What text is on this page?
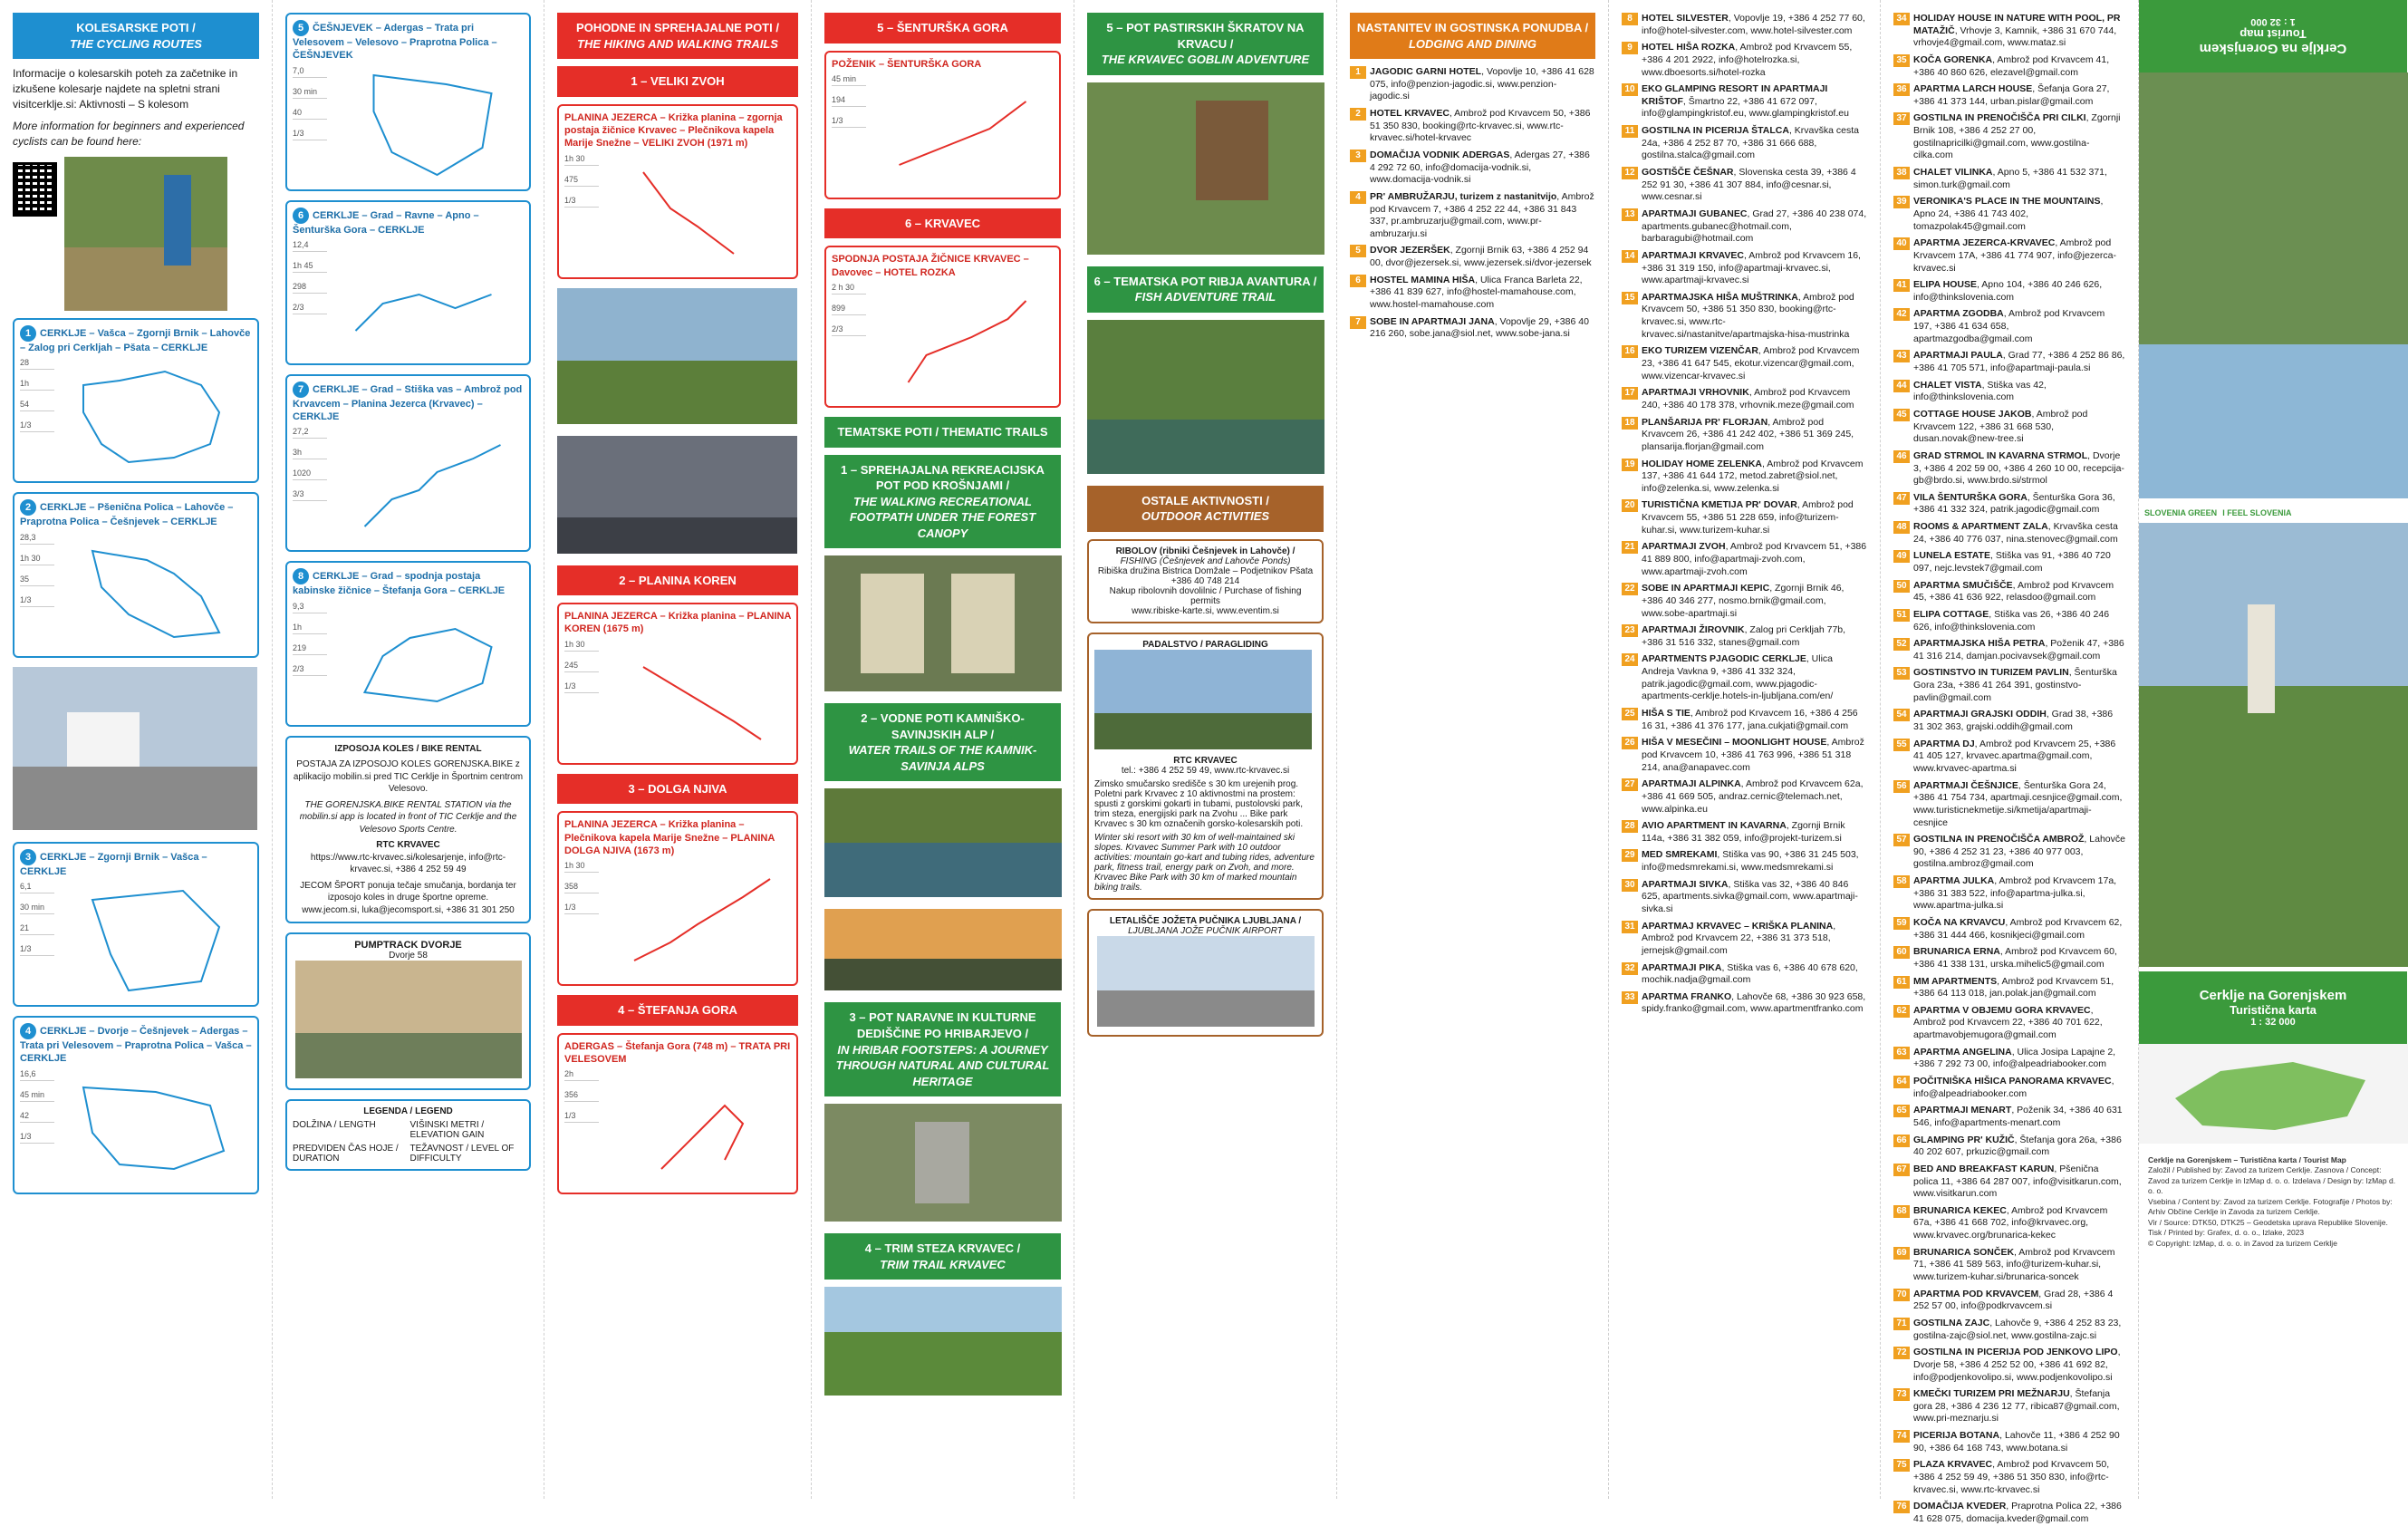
KOLESARSKE POTI /
THE CYCLING ROUTES
Informacije o kolesarskih poteh za začetnike in izkušene kolesarje najdete na spletni strani visitcerklje.si: Aktivnosti – S kolesom
More information for beginners and experienced cyclists can be found here:
1 CERKLJE – Vašca – Zgornji Brnik – Lahovče – Zalog pri Cerkljah – Pšata – CERKLJE
28
1h
54
1/3
2 CERKLJE – Pšenična Polica – Lahovče – Praprotna Polica – Češnjevek – CERKLJE
28,3
1h 30
35
1/3
3 CERKLJE – Zgornji Brnik – Vašca – CERKLJE
6,1
30 min
21
1/3
4 CERKLJE – Dvorje – Češnjevek – Adergas – Trata pri Velesovem – Praprotna Polica – Vašca – CERKLJE
16,6
45 min
42
1/3
5 ČEŠNJEVEK – Adergas – Trata pri Velesovem – Velesovo – Praprotna Polica – ČEŠNJEVEK
7,0
30 min
40
1/3
6 CERKLJE – Grad – Ravne – Apno – Šenturška Gora – CERKLJE
12,4
1h 45
298
2/3
7 CERKLJE – Grad – Stiška vas – Ambrož pod Krvavcem – Planina Jezerca (Krvavec) – CERKLJE
27,2
3h
1020
3/3
8 CERKLJE – Grad – spodnja postaja kabinske žičnice – Štefanja Gora – CERKLJE
9,3
1h
219
2/3
IZPOSOJA KOLES / BIKE RENTAL
POSTAJA ZA IZPOSOJO KOLES GORENJSKA.BIKE z aplikacijo mobilin.si pred TIC Cerklje in Športnim centrom Velesovo.
THE GORENJSKA.BIKE RENTAL STATION via the mobilin.si app is located in front of TIC Cerklje and the Velesovo Sports Centre.
RTC KRVAVEC
https://www.rtc-krvavec.si/kolesarjenje, info@rtc-krvavec.si, +386 4 252 59 49
JECOM ŠPORT ponuja tečaje smučanja, bordanja ter izposojo koles in druge športne opreme.
www.jecom.si, luka@jecomsport.si, +386 31 301 250
PUMPTRACK DVORJE
Dvorje 58
LEGENDA / LEGEND
DOLŽINA / LENGTH	VIŠINSKI METRI / ELEVATION GAIN
PREDVIDEN ČAS HOJE / DURATION
TEŽAVNOST / LEVEL OF DIFFICULTY
POHODNE IN SPREHAJALNE POTI /
THE HIKING AND WALKING TRAILS
1 – VELIKI ZVOH
PLANINA JEZERCA – Križka planina – zgornja postaja žičnice Krvavec – Plečnikova kapela Marije Snežne – VELIKI ZVOH (1971 m)
1h 30
475
1/3

2 – PLANINA KOREN
PLANINA JEZERCA – Križka planina – PLANINA KOREN (1675 m)
1h 30
245
1/3
3 – DOLGA NJIVA
PLANINA JEZERCA – Križka planina – Plečnikova kapela Marije Snežne – PLANINA DOLGA NJIVA (1673 m)
1h 30
358
1/3
4 – ŠTEFANJA GORA
ADERGAS – Štefanja Gora (748 m) – TRATA PRI VELESOVEM
2h
356
1/3
5 – ŠENTURŠKA GORA
POŽENIK – ŠENTURŠKA GORA
45 min
194
1/3
6 – KRVAVEC
SPODNJA POSTAJA ŽIČNICE KRVAVEC – Davovec – HOTEL ROZKA
2 h 30
899
2/3
TEMATSKE POTI / THEMATIC TRAILS
1 – SPREHAJALNA REKREACIJSKA POT POD KROŠNJAMI /
THE WALKING RECREATIONAL FOOTPATH UNDER THE FOREST CANOPY
2 – VODNE POTI KAMNIŠKO-SAVINJSKIH ALP /
WATER TRAILS OF THE KAMNIK-SAVINJA ALPS

3 – POT NARAVNE IN KULTURNE DEDIŠČINE PO HRIBARJEVO /
IN HRIBAR FOOTSTEPS: A JOURNEY THROUGH NATURAL AND CULTURAL HERITAGE
4 – TRIM STEZA KRVAVEC /
TRIM TRAIL KRVAVEC
5 – POT PASTIRSKIH ŠKRATOV NA KRVACU /
THE KRVAVEC GOBLIN ADVENTURE
6 – TEMATSKA POT RIBJA AVANTURA /
FISH ADVENTURE TRAIL
OSTALE AKTIVNOSTI /
OUTDOOR ACTIVITIES
RIBOLOV (ribniki Češnjevek in Lahovče) /
FISHING (Češnjevek and Lahovče Ponds)
Ribiška družina Bistrica Domžale – Podjetnikov Pšata +386 40 748 214
Nakup ribolovnih dovolilnic / Purchase of fishing permits
www.ribiske-karte.si, www.eventim.si
PADALSTVO / PARAGLIDING
RTC KRVAVEC
tel.: +386 4 252 59 49, www.rtc-krvavec.si
Zimsko smučarsko središče s 30 km urejenih prog. Poletni park Krvavec z 10 aktivnostmi na prostem: spusti z gorskimi gokarti in tubami, pustolovski park, trim steza, energijski park na Zvohu ... Bike park Krvavec s 30 km označenih gorsko-kolesarskih poti.
Winter ski resort with 30 km of well-maintained ski slopes. Krvavec Summer Park with 10 outdoor activities: mountain go-kart and tubing rides, adventure park, fitness trail, energy park on Zvoh, and more. Krvavec Bike Park with 30 km of marked mountain biking trails.
LETALIŠČE JOŽETA PUČNIKA LJUBLJANA /
LJUBLJANA JOŽE PUČNIK AIRPORT
NASTANITEV IN GOSTINSKA PONUDBA /
LODGING AND DINING
1 JAGODIC GARNI HOTEL, Vopovlje 10, +386 41 628 075, info@penzion-jagodic.si, www.penzion-jagodic.si
2 HOTEL KRVAVEC, Ambrož pod Krvavcem 50, +386 51 350 830, booking@rtc-krvavec.si, www.rtc-krvavec.si/hotel-krvavec
3 DOMAČIJA VODNIK ADERGAS, Adergas 27, +386 4 292 72 60, info@domacija-vodnik.si, www.domacija-vodnik.si
4 PR' AMBRUŽARJU, turizem z nastanitvijo, Ambrož pod Krvavcem 7, +386 4 252 22 44, +386 31 843 337, pr.ambruzarju@gmail.com, www.pr-ambruzarju.si
5 DVOR JEZERŠEK, Zgornji Brnik 63, +386 4 252 94 00, dvor@jezersek.si, www.jezersek.si/dvor-jezersek
6 HOSTEL MAMINA HIŠA, Ulica Franca Barleta 22, +386 41 839 627, info@hostel-mamahouse.com, www.hostel-mamahouse.com
7 SOBE IN APARTMAJI JANA, Vopovlje 29, +386 40 216 260, sobe.jana@siol.net, www.sobe-jana.si
8 HOTEL SILVESTER, Vopovlje 19, +386 4 252 77 60, info@hotel-silvester.com, www.hotel-silvester.com
9 HOTEL HIŠA ROZKA, Ambrož pod Krvavcem 55, +386 4 201 2922, info@hotelrozka.si, www.dboesorts.si/hotel-rozka
10 EKO GLAMPING RESORT IN APARTMAJI KRIŠTOF, Šmartno 22, +386 41 672 097, info@glampingkristof.eu, www.glampingkristof.eu
11 GOSTILNA IN PICERIJA ŠTALCA, Krvavška cesta 24a, +386 4 252 87 70, +386 31 666 688, gostilna.stalca@gmail.com
12 GOSTIŠČE ČEŠNAR, Slovenska cesta 39, +386 4 252 91 30, +386 41 307 884, info@cesnar.si, www.cesnar.si
13 APARTMAJI GUBANEC, Grad 27, +386 40 238 074, apartments.gubanec@hotmail.com, barbaragubi@hotmail.com
14 APARTMAJI KRVAVEC, Ambrož pod Krvavcem 16, +386 31 319 150, info@apartmaji-krvavec.si, www.apartmaji-krvavec.si
15 APARTMAJSKA HIŠA MUŠTRINKA, Ambrož pod Krvavcem 50, +386 51 350 830, booking@rtc-krvavec.si, www.rtc-krvavec.si/nastanitve/apartmajska-hisa-mustrinka
16 EKO TURIZEM VIZENČAR, Ambrož pod Krvavcem 23, +386 41 647 545, ekotur.vizencar@gmail.com, www.vizencar-krvavec.si
17 APARTMAJI VRHOVNIK, Ambrož pod Krvavcem 240, +386 40 178 378, vrhovnik.meze@gmail.com
18 PLANŠARIJA PR' FLORJAN, Ambrož pod Krvavcem 26, +386 41 242 402, +386 51 369 245, plansarija.florjan@gmail.com
19 HOLIDAY HOME ZELENKA, Ambrož pod Krvavcem 137, +386 41 644 172, metod.zabret@siol.net, info@zelenka.si, www.zelenka.si
20 TURISTIČNA KMETIJA PR' DOVAR, Ambrož pod Krvavcem 55, +386 51 228 659, info@turizem-kuhar.si, www.turizem-kuhar.si
21 APARTMAJI ZVOH, Ambrož pod Krvavcem 51, +386 41 889 800, info@apartmaji-zvoh.com, www.apartmaji-zvoh.com
22 SOBE IN APARTMAJI KEPIC, Zgornji Brnik 46, +386 40 346 277, nosmo.brnik@gmail.com, www.sobe-apartmaji.si
23 APARTMAJI ŽIROVNIK, Zalog pri Cerkljah 77b, +386 31 516 332, stanes@gmail.com
24 APARTMENTS PJAGODIC CERKLJE, Ulica Andreja Vavkna 9, +386 41 332 324, patrik.jagodic@gmail.com, www.pjagodic-apartments-cerklje.hotels-in-ljubljana.com/en/
25 HIŠA S TIE, Ambrož pod Krvavcem 16, +386 4 256 16 31, +386 41 376 177, jana.cukjati@gmail.com
26 HIŠA V MESEČINI – MOONLIGHT HOUSE, Ambrož pod Krvavcem 10, +386 41 763 996, +386 51 318 214, ana@anapavec.com
27 APARTMAJI ALPINKA, Ambrož pod Krvavcem 62a, +386 41 669 505, andraz.cernic@telemach.net, www.alpinka.eu
28 AVIO APARTMENT IN KAVARNA, Zgornji Brnik 114a, +386 31 382 059, info@projekt-turizem.si
29 MED SMREKAMI, Stiška vas 90, +386 31 245 503, info@medsmrekami.si, www.medsmrekami.si
30 APARTMAJI SIVKA, Stiška vas 32, +386 40 846 625, apartments.sivka@gmail.com, www.apartmaji-sivka.si
31 APARTMAJ KRVAVEC – KRIŠKA PLANINA, Ambrož pod Krvavcem 22, +386 31 373 518, jernejsk@gmail.com
32 APARTMAJI PIKA, Stiška vas 6, +386 40 678 620, mochik.nadja@gmail.com
33 APARTMA FRANKO, Lahovče 68, +386 30 923 658, spidy.franko@gmail.com, www.apartmentfranko.com
34 HOLIDAY HOUSE IN NATURE WITH POOL, PR MATAŽIČ, Vrhovje 3, Kamnik, +386 31 670 744, vrhovje4@gmail.com, www.mataz.si
35 KOČA GORENKA, Ambrož pod Krvavcem 41, +386 40 860 626, elezavel@gmail.com
36 APARTMA LARCH HOUSE, Šefanja Gora 27, +386 41 373 144, urban.pislar@gmail.com
37 GOSTILNA IN PRENOČIŠČA PRI CILKI, Zgornji Brnik 108, +386 4 252 27 00, gostilnapricilki@gmail.com, www.gostilna-cilka.com
38 CHALET VILINKA, Apno 5, +386 41 532 371, simon.turk@gmail.com
39 VERONIKA'S PLACE IN THE MOUNTAINS, Apno 24, +386 41 743 402, tomazpolak45@gmail.com
40 APARTMA JEZERCA-KRVAVEC, Ambrož pod Krvavcem 17A, +386 41 774 907, info@jezerca-krvavec.si
41 ELIPA HOUSE, Apno 104, +386 40 246 626, info@thinkslovenia.com
42 APARTMA ZGODBA, Ambrož pod Krvavcem 197, +386 41 634 658, apartmazgodba@gmail.com
43 APARTMAJI PAULA, Grad 77, +386 4 252 86 86, +386 41 705 571, info@apartmaji-paula.si
44 CHALET VISTA, Stiška vas 42, info@thinkslovenia.com
45 COTTAGE HOUSE JAKOB, Ambrož pod Krvavcem 122, +386 31 668 530, dusan.novak@new-tree.si
46 GRAD STRMOL IN KAVARNA STRMOL, Dvorje 3, +386 4 202 59 00, +386 4 260 10 00, recepcija-gb@brdo.si, www.brdo.si/strmol
47 VILA ŠENTURŠKA GORA, Šenturška Gora 36, +386 41 332 324, patrik.jagodic@gmail.com
48 ROOMS & APARTMENT ZALA, Krvavška cesta 24, +386 40 776 037, nina.stenovec@gmail.com
49 LUNELA ESTATE, Stiška vas 91, +386 40 720 097, nejc.levstek7@gmail.com
50 APARTMA SMUČIŠČE, Ambrož pod Krvavcem 45, +386 41 636 922, relasdoo@gmail.com
51 ELIPA COTTAGE, Stiška vas 26, +386 40 246 626, info@thinkslovenia.com
52 APARTMAJSKA HIŠA PETRA, Poženik 47, +386 41 316 214, damjan.pocivavsek@gmail.com
53 GOSTINSTVO IN TURIZEM PAVLIN, Šenturška Gora 23a, +386 41 264 391, gostinstvo-pavlin@gmail.com
54 APARTMAJI GRAJSKI ODDIH, Grad 38, +386 31 302 363, grajski.oddih@gmail.com
55 APARTMA DJ, Ambrož pod Krvavcem 25, +386 41 405 127, krvavec.apartma@gmail.com, www.krvavec-apartma.si
56 APARTMAJI ČEŠNJICE, Šenturška Gora 24, +386 41 754 734, apartmaji.cesnjice@gmail.com, www.turisticnekmetije.si/kmetija/apartmaji-cesnjice
57 GOSTILNA IN PRENOČIŠČA AMBROŽ, Lahovče 90, +386 4 252 31 23, +386 40 977 003, gostilna.ambroz@gmail.com
58 APARTMA JULKA, Ambrož pod Krvavcem 17a, +386 31 383 522, info@apartma-julka.si, www.apartma-julka.si
59 KOČA NA KRVAVCU, Ambrož pod Krvavcem 62, +386 31 444 466, kosnikjeci@gmail.com
60 BRUNARICA ERNA, Ambrož pod Krvavcem 60, +386 41 338 131, urska.mihelic5@gmail.com
61 MM APARTMENTS, Ambrož pod Krvavcem 51, +386 64 113 018, jan.polak.jan@gmail.com
62 APARTMA V OBJEMU GORA KRVAVEC, Ambrož pod Krvavcem 22, +386 40 701 622, apartmavobjemugora@gmail.com
63 APARTMA ANGELINA, Ulica Josipa Lapajne 2, +386 7 292 73 00, info@alpeadriabooker.com
64 POČITNIŠKA HIŠICA PANORAMA KRVAVEC, info@alpeadriabooker.com
65 APARTMAJI MENART, Poženik 34, +386 40 631 546, info@apartments-menart.com
66 GLAMPING PR' KUŽIČ, Štefanja gora 26a, +386 40 202 607, prkuzic@gmail.com
67 BED AND BREAKFAST KARUN, Pšenična polica 11, +386 64 287 007, info@visitkarun.com, www.visitkarun.com
68 BRUNARICA KEKEC, Ambrož pod Krvavcem 67a, +386 41 668 702, info@krvavec.org, www.krvavec.org/brunarica-kekec
69 BRUNARICA SONČEK, Ambrož pod Krvavcem 71, +386 41 589 563, info@turizem-kuhar.si, www.turizem-kuhar.si/brunarica-soncek
70 APARTMA POD KRVAVCEM, Grad 28, +386 4 252 57 00, info@podkrvavcem.si
71 GOSTILNA ZAJC, Lahovče 9, +386 4 252 83 23, gostilna-zajc@siol.net, www.gostilna-zajc.si
72 GOSTILNA IN PICERIJA POD JENKOVO LIPO, Dvorje 58, +386 4 252 52 00, +386 41 692 82, info@podjenkovolipo.si, www.podjenkovolipo.si
73 KMEČKI TURIZEM PRI MEŽNARJU, Štefanja gora 28, +386 4 236 12 77, ribica87@gmail.com, www.pri-meznarju.si
74 PICERIJA BOTANA, Lahovče 11, +386 4 252 90 90, +386 64 168 743, www.botana.si
75 PLAZA KRVAVEC, Ambrož pod Krvavcem 50, +386 4 252 59 49, +386 51 350 830, info@rtc-krvavec.si, www.rtc-krvavec.si
76 DOMAČIJA KVEDER, Praprotna Polica 22, +386 41 628 075, domacija.kveder@gmail.com
Cerklje na Gorenjskem
Tourist map
1 : 32 000
SLOVENIA GREEN I FEEL SLOVENIA
Cerklje na Gorenjskem
Turistična karta
1 : 32 000
Cerklje na Gorenjskem – Turistična karta / Tourist Map
Založil / Published by: Zavod za turizem Cerklje. Zasnova / Concept: Zavod za turizem Cerklje in IzMap d. o. o. Izdelava / Design by: IzMap d. o. o.
Vsebina / Content by: Zavod za turizem Cerklje. Fotografije / Photos by: Arhiv Občine Cerklje in Zavoda za turizem Cerklje.
Vir / Source: DTK50, DTK25 – Geodetska uprava Republike Slovenije. Tisk / Printed by: Grafex, d. o. o., Izlake, 2023
© Copyright: IzMap, d. o. o. in Zavod za turizem Cerklje
